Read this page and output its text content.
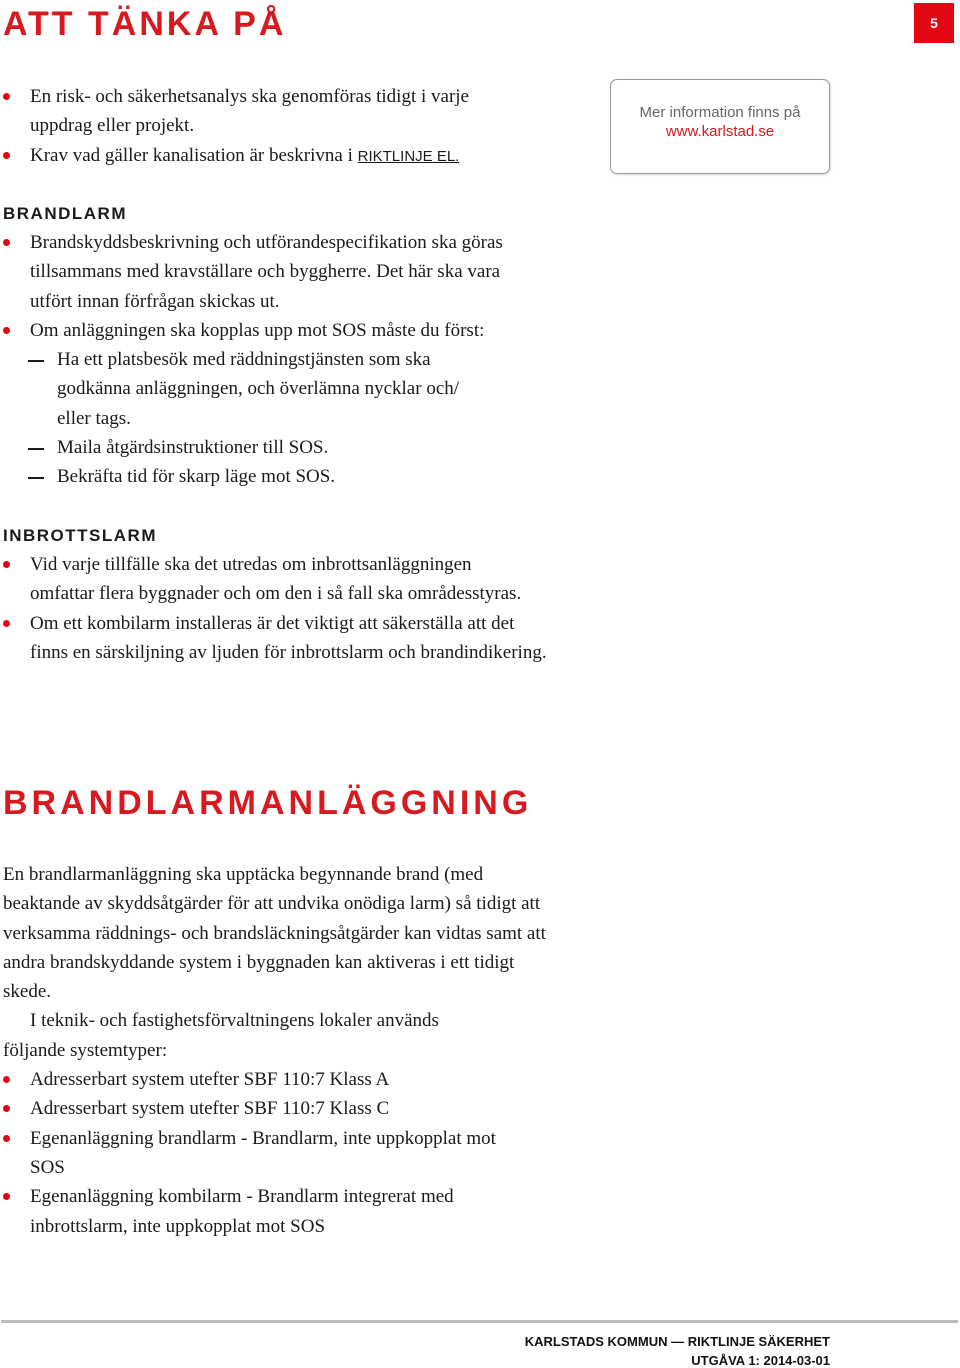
ATT TÄNKA PÅ	5
Mer information finns på
www.karlstad.se
En risk- och säkerhetsanalys ska genomföras tidigt i varje uppdrag eller projekt.
Krav vad gäller kanalisation är beskrivna i RIKTLINJE EL.
BRANDLARM
Brandskyddsbeskrivning och utförandespecifikation ska göras tillsammans med kravställare och byggherre. Det här ska vara utfört innan förfrågan skickas ut.
Om anläggningen ska kopplas upp mot SOS måste du först:
Ha ett platsbesök med räddningstjänsten som ska godkänna anläggningen, och överlämna nycklar och/ eller tags.
Maila åtgärdsinstruktioner till SOS.
Bekräfta tid för skarp läge mot SOS.
INBROTTSLARM
Vid varje tillfälle ska det utredas om inbrottsanläggningen omfattar flera byggnader och om den i så fall ska områdesstyras.
Om ett kombilarm installeras är det viktigt att säkerställa att det finns en särskiljning av ljuden för inbrottslarm och brandindikering.
BRANDLARMANLÄGGNING

En brandlarmanläggning ska upptäcka begynnande brand (med beaktande av skyddsåtgärder för att undvika onödiga larm) så tidigt att verksamma räddnings- och brandsläckningsåtgärder kan vidtas samt att andra brandskyddande system i byggnaden kan aktiveras i ett tidigt skede.

I teknik- och fastighetsförvaltningens lokaler används följande systemtyper:

Adresserbart system utefter SBF 110:7 Klass A
Adresserbart system utefter SBF 110:7 Klass C
Egenanläggning brandlarm - Brandlarm, inte uppkopplat mot SOS
Egenanläggning kombilarm - Brandlarm integrerat med inbrottslarm, inte uppkopplat mot SOS
KARLSTADS KOMMUN — RIKTLINJE SÄKERHET
UTGÅVA 1: 2014-03-01
